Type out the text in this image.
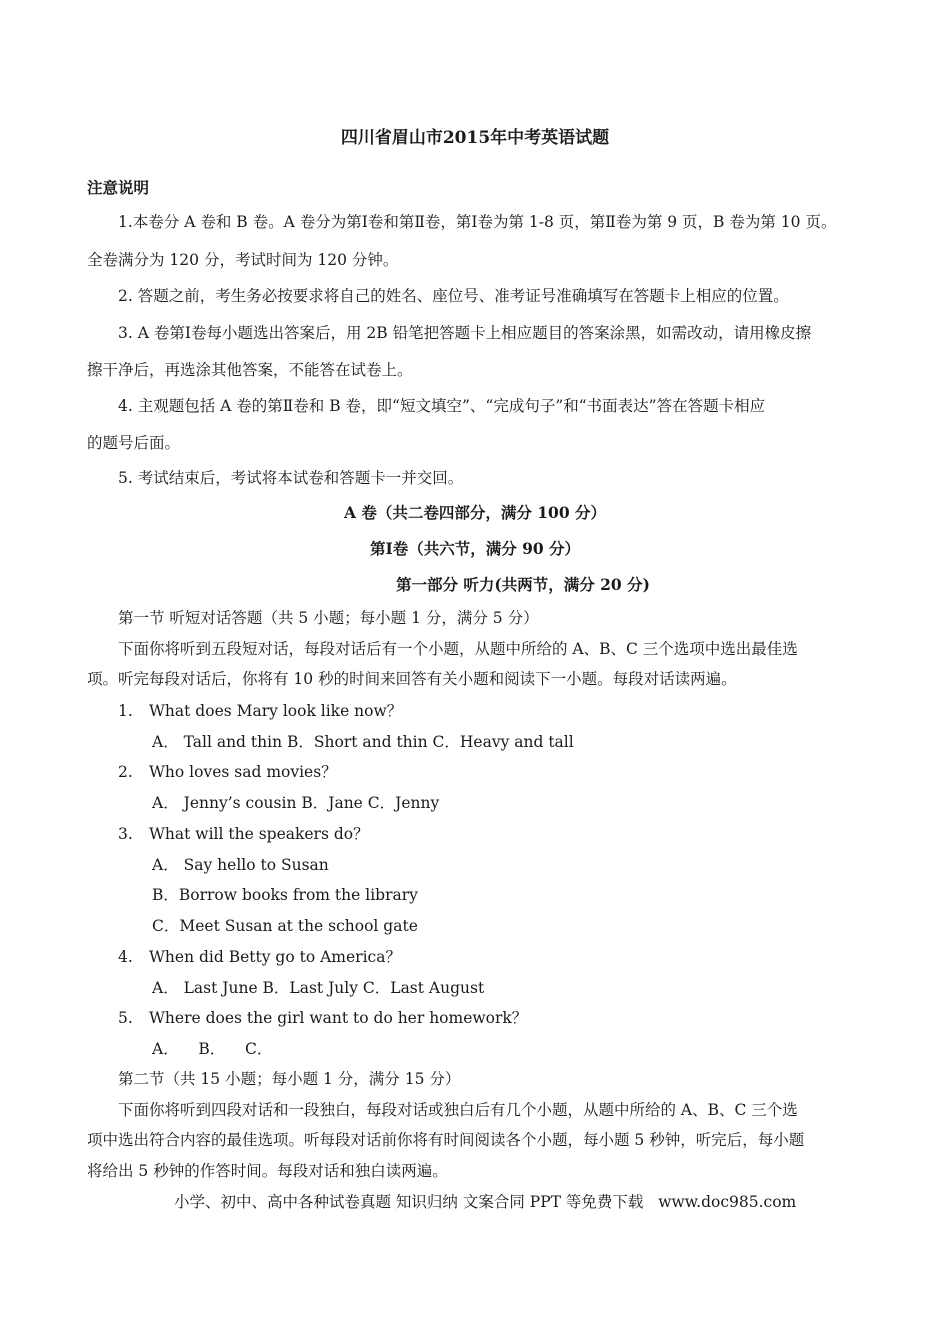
四川省眉山市2015年中考英语试题
注意说明
1.本卷分 A 卷和 B 卷。A 卷分为第Ⅰ卷和第Ⅱ卷，第Ⅰ卷为第 1-8 页，第Ⅱ卷为第 9 页，B 卷为第 10 页。
全卷满分为 120 分，考试时间为 120 分钟。
2. 答题之前，考生务必按要求将自己的姓名、座位号、准考证号准确填写在答题卡上相应的位置。
3. A 卷第Ⅰ卷每小题选出答案后，用 2B 铅笔把答题卡上相应题目的答案涂黑，如需改动，请用橡皮擦
擦干净后，再选涂其他答案，不能答在试卷上。
4. 主观题包括 A 卷的第Ⅱ卷和 B 卷，即“短文填空”、“完成句子”和“书面表达”答在答题卡相应
的题号后面。
5. 考试结束后，考试将本试卷和答题卡一并交回。
A 卷（共二卷四部分，满分 100 分）
第Ⅰ卷（共六节，满分 90 分）
第一部分 听力(共两节，满分 20 分)
第一节 听短对话答题（共 5 小题；每小题 1 分，满分 5 分）
下面你将听到五段短对话，每段对话后有一个小题，从题中所给的 A、B、C 三个选项中选出最佳选
项。听完每段对话后，你将有 10 秒的时间来回答有关小题和阅读下一小题。每段对话读两遍。
1. What does Mary look like now？
A． Tall and thin B．Short and thin C．Heavy and tall
2. Who loves sad movies？
A． Jenny’s cousin B．Jane C．Jenny
3. What will the speakers do？
A． Say hello to Susan
B．Borrow books from the library
C．Meet Susan at the school gate
4. When did Betty go to America？
A． Last June B．Last July C．Last August
5. Where does the girl want to do her homework？
A．    B．    C．
第二节（共 15 小题；每小题 1 分，满分 15 分）
下面你将听到四段对话和一段独白，每段对话或独白后有几个小题，从题中所给的 A、B、C 三个选
项中选出符合内容的最佳选项。听每段对话前你将有时间阅读各个小题，每小题 5 秒钟，听完后，每小题
将给出 5 秒钟的作答时间。每段对话和独白读两遍。
小学、初中、高中各种试卷真题 知识归纳 文案合同 PPT 等免费下载   www.doc985.com
